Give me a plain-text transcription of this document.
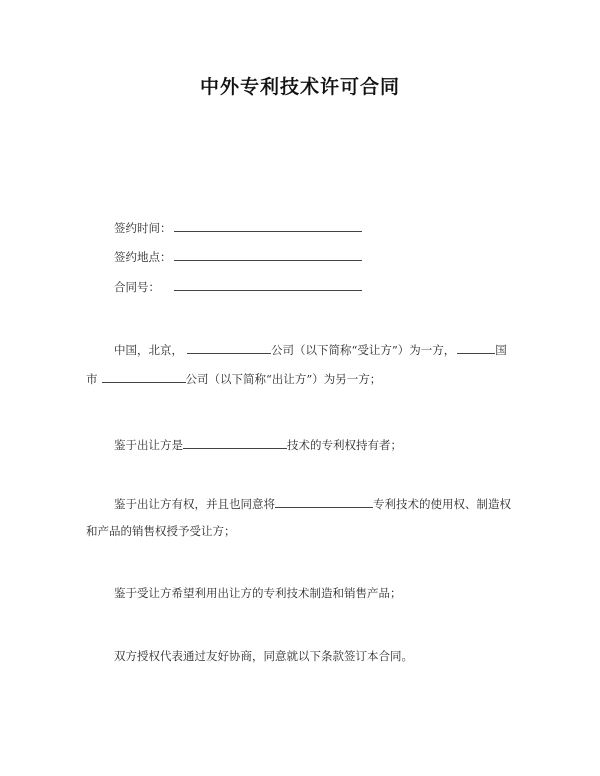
中外专利技术许可合同
签约时间：
签约地点：
合同号：
中国，北京，	公司（以下简称“受让方”）为一方，	国
市	公司（以下简称“出让方”）为另一方；
鉴于出让方是	技术的专利权持有者；
鉴于出让方有权，并且也同意将	专利技术的使用权、制造权
和产品的销售权授予受让方；
鉴于受让方希望利用出让方的专利技术制造和销售产品；
双方授权代表通过友好协商，同意就以下条款签订本合同。
